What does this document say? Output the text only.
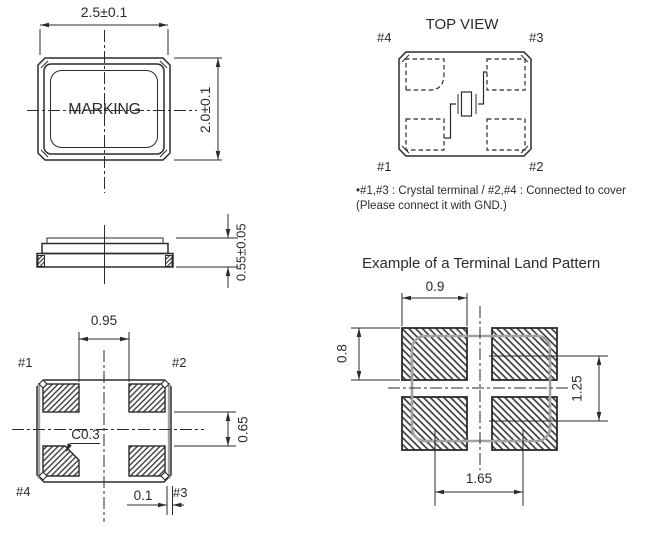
2.5±0.1
2.0±0.1
MARKING
0.55±0.05
TOP VIEW
#4	#3
#1	#2
•#1,#3 : Crystal terminal / #2,#4 : Connected to cover
(Please connect it with GND.)
#1	#2
#4	#3
0.95
0.65
C0.3
0.1
Example of a Terminal Land Pattern
0.9
0.8
1.25
1.65
